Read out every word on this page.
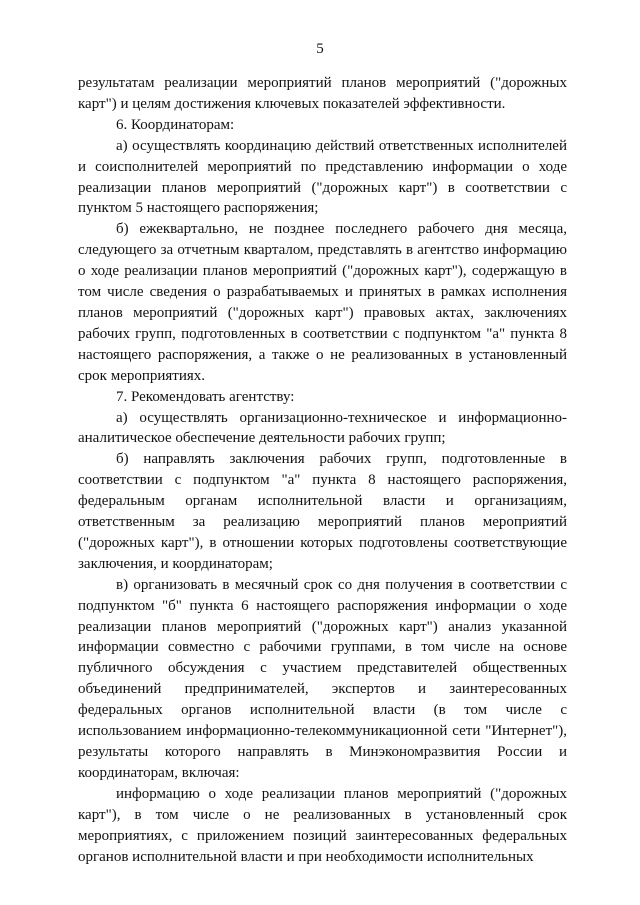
5

результатам реализации мероприятий планов мероприятий ("дорожных карт") и целям достижения ключевых показателей эффективности.

6. Координаторам:

а) осуществлять координацию действий ответственных исполнителей и соисполнителей мероприятий по представлению информации о ходе реализации планов мероприятий ("дорожных карт") в соответствии с пунктом 5 настоящего распоряжения;

б) ежеквартально, не позднее последнего рабочего дня месяца, следующего за отчетным кварталом, представлять в агентство информацию о ходе реализации планов мероприятий ("дорожных карт"), содержащую в том числе сведения о разрабатываемых и принятых в рамках исполнения планов мероприятий ("дорожных карт") правовых актах, заключениях рабочих групп, подготовленных в соответствии с подпунктом "а" пункта 8 настоящего распоряжения, а также о не реализованных в установленный срок мероприятиях.

7. Рекомендовать агентству:

а) осуществлять организационно-техническое и информационно-аналитическое обеспечение деятельности рабочих групп;

б) направлять заключения рабочих групп, подготовленные в соответствии с подпунктом "а" пункта 8 настоящего распоряжения, федеральным органам исполнительной власти и организациям, ответственным за реализацию мероприятий планов мероприятий ("дорожных карт"), в отношении которых подготовлены соответствующие заключения, и координаторам;

в) организовать в месячный срок со дня получения в соответствии с подпунктом "б" пункта 6 настоящего распоряжения информации о ходе реализации планов мероприятий ("дорожных карт") анализ указанной информации совместно с рабочими группами, в том числе на основе публичного обсуждения с участием представителей общественных объединений предпринимателей, экспертов и заинтересованных федеральных органов исполнительной власти (в том числе с использованием информационно-телекоммуникационной сети "Интернет"), результаты которого направлять в Минэкономразвития России и координаторам, включая:

информацию о ходе реализации планов мероприятий ("дорожных карт"), в том числе о не реализованных в установленный срок мероприятиях, с приложением позиций заинтересованных федеральных органов исполнительной власти и при необходимости исполнительных
